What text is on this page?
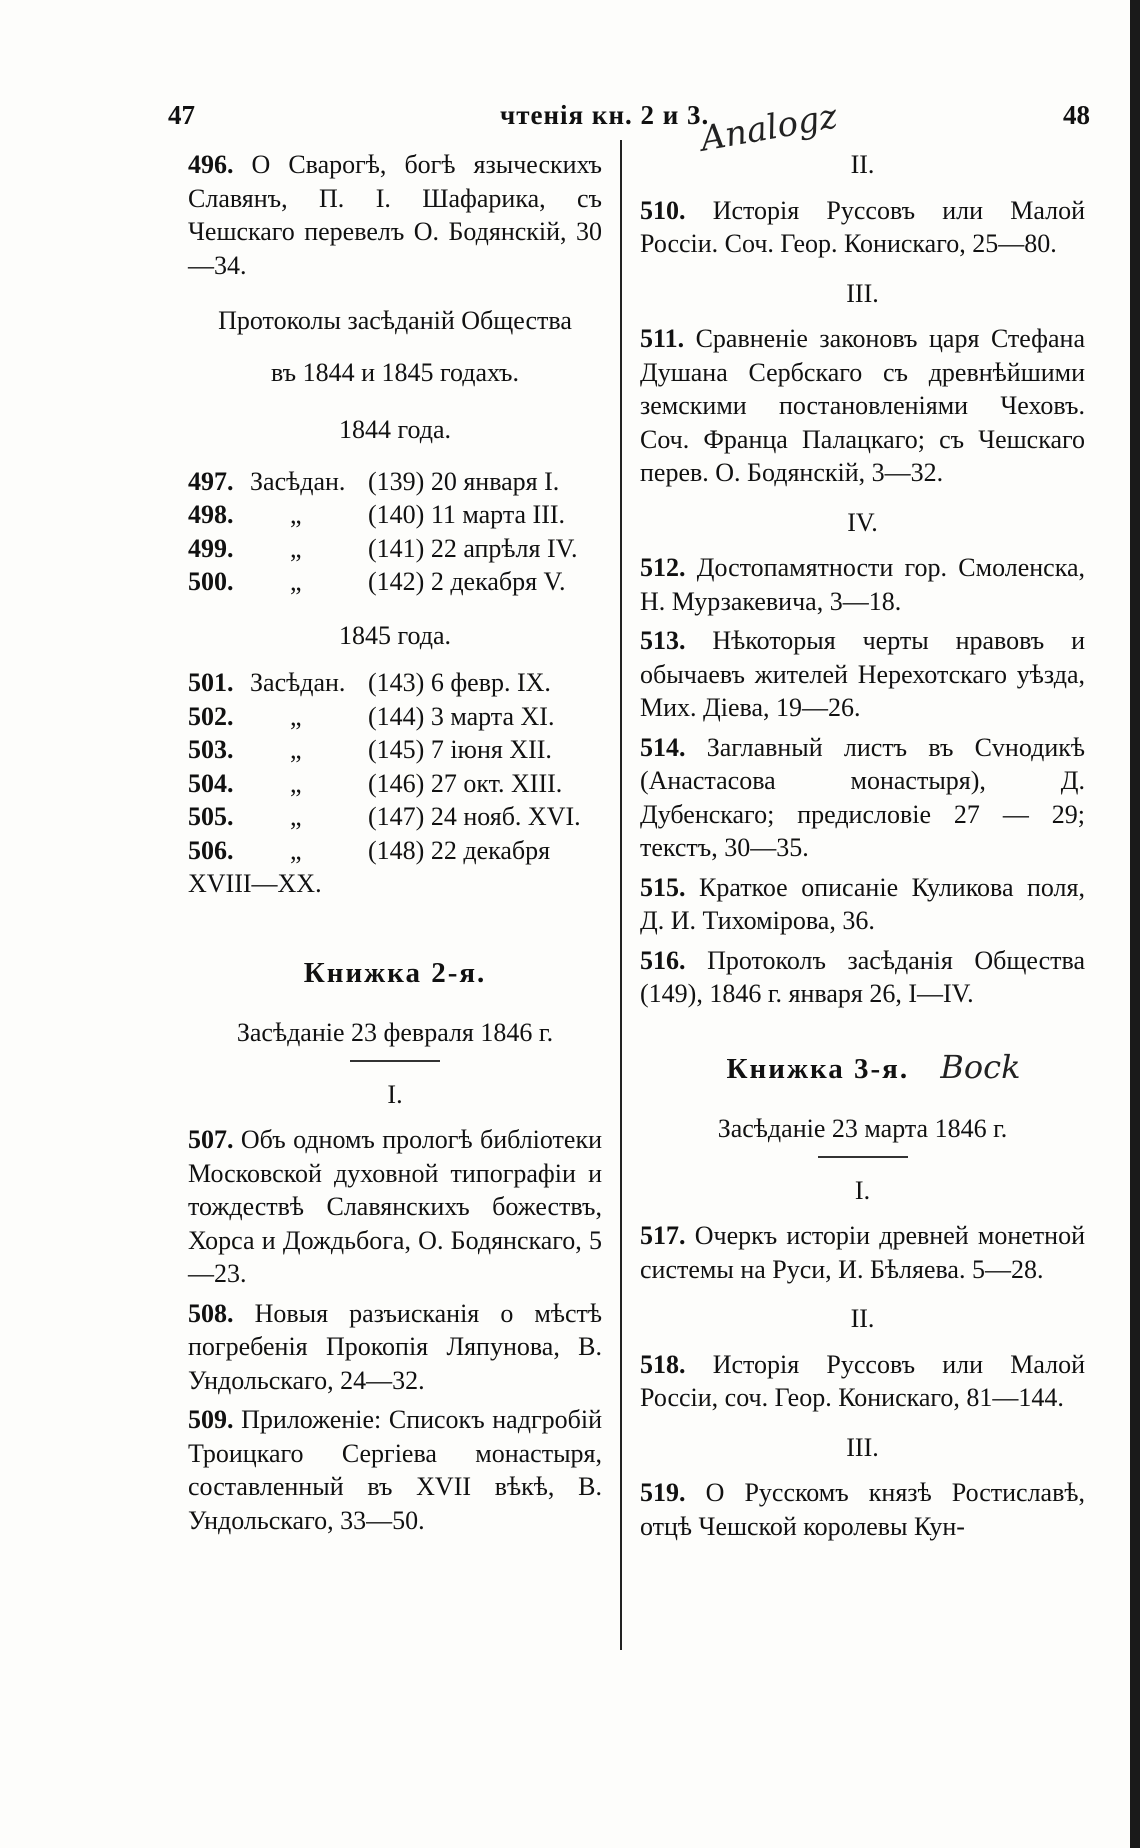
47	чтенія кн. 2 и 3.	48
Analogz

496. О Сварогѣ, богѣ языческихъ Славянъ, П. І. Шафарика, съ Чешскаго перевелъ О. Бодянскій, 30—34.

Протоколы засѣданій Общества
въ 1844 и 1845 годахъ.
1844 года.
497. Засѣдан. (139) 20 января I.
498.	„	(140) 11 марта III.
499.	„	(141) 22 апрѣля IV.
500.	„	(142) 2 декабря V.
1845 года.
501. Засѣдан. (143) 6 февр. IX.
502.	„	(144) 3 марта XI.
503.	„	(145) 7 іюня XII.
504.	„	(146) 27 окт. XIII.
505.	„	(147) 24 нояб. XVI.
506.	„	(148) 22 декабря
XVIII—XX.
Книжка 2-я.
Засѣданіе 23 февраля 1846 г.
I.

507. Объ одномъ прологѣ библіотеки Московской духовной типографіи и тождествѣ Славянскихъ божествъ, Хорса и Дождьбога, О. Бодянскаго, 5—23.

508. Новыя разъисканія о мѣстѣ погребенія Прокопія Ляпунова, В. Ундольскаго, 24—32.

509. Приложеніе: Списокъ надгробій Троицкаго Сергіева монастыря, составленный въ XVII вѣкѣ, В. Ундольскаго, 33—50.

II.

510. Исторія Руссовъ или Малой Россіи. Соч. Геор. Конискаго, 25—80.

III.

511. Сравненіе законовъ царя Стефана Душана Сербскаго съ древнѣйшими земскими постановленіями Чеховъ. Соч. Франца Палацкаго; съ Чешскаго перев. О. Бодянскій, 3—32.

IV.

512. Достопамятности гор. Смоленска, Н. Мурзакевича, 3—18.

513. Нѣкоторыя черты нравовъ и обычаевъ жителей Нерехотскаго уѣзда, Мих. Діева, 19—26.

514. Заглавный листъ въ Сvнодикѣ (Анастасова монастыря), Д. Дубенскаго; предисловіе 27 — 29; текстъ, 30—35.

515. Краткое описаніе Куликова поля, Д. И. Тихомірова, 36.

516. Протоколъ засѣданія Общества (149), 1846 г. января 26, I—IV.

Книжка 3-я. Bock
Засѣданіе 23 марта 1846 г.
I.

517. Очеркъ исторіи древней монетной системы на Руси, И. Бѣляева. 5—28.

II.

518. Исторія Руссовъ или Малой Россіи, соч. Геор. Конискаго, 81—144.

III.

519. О Русскомъ князѣ Ростиславѣ, отцѣ Чешской королевы Кун-
